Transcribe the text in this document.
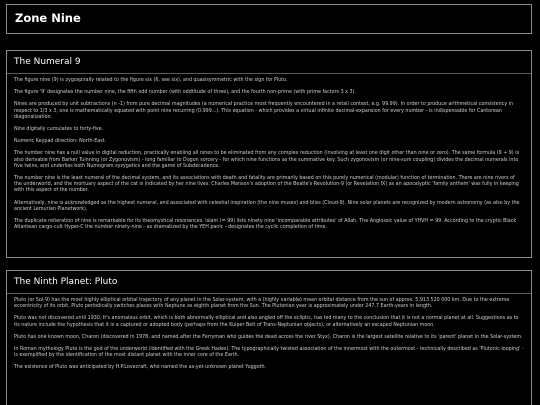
Zone Nine
The Numeral 9

The figure nine (9) is zygospirally related to the figure six (6, see six), and quasisymmetric with the sign for Pluto.

The figure '9' designates the number nine, the fifth odd number (with oddtitude of three), and the fourth non-prime (with prime factors 3 x 3).

Nines are produced by unit subtractions (n -1) from pure decimal magnitudes (a numerical practice most frequently encountered in a retail context, e.g. 99.99). In order to produce arithmetical consistency in respect to 1/3 x 3, one is mathematically equated with point nine recurring (0.999...). This equation - which provides a virtual infinite decimal-expansion for every number - is indispensable for Cantorean diagonalization.

Nine digitally cumulates to forty-five.

Numeric Keypad direction: North-East.

The number nine has a null value in digital reduction, practically enabling all nines to be eliminated from any complex reduction (involving at least one digit other than nine or zero). The same formula (9 + 9) is also derivable from Barker Tuinning (or Zygonovism) - long familiar to Dogon sorcery - for which nine functions as the summative key. Such zygonovism (or nine-sum coupling) divides the decimal numerals into five twins, and underlies both Numogram syzygetics and the game of Subdecadence.

The number nine is the least numeral of the decimal system, and its associations with death and fatality are primarily based on this purely numerical (modular) function of termination. There are nine rivers of the underworld, and the mortuary aspect of the cat is indicated by her nine lives. Charles Manson's adoption of the Beatle's Revolution-9 (or Revelation IX) as an apocalyptic 'family anthem' was fully in keeping with this aspect of the number.

Alternatively, nine is acknowledged as the highest numeral, and associated with celestial inspiration (the nine muses) and bliss (Cloud-9). Nine solar planets are recognized by modern astronomy (as also by the ancient Lemurian Planetwork).

The duplicate reiteration of nine is remarkable for its theomystical resonances. Islam (= 99) lists ninety nine 'incomparable attributes' of Allah. The Anglossic value of YHVH = 99. According to the cryptic Black Atlantean cargo-cult Hyper-C the number ninety-nine - as dramatized by the YEH panic - designates the cyclic completion of time.

The Ninth Planet: Pluto

Pluto (or Sol-9) has the most highly elliptical orbital trajectory of any planet in the Solar-system, with a (highly variable) mean orbital distance from the sun of approx. 5,913 520 000 km. Due to the extreme eccentricity of its orbit, Pluto periodically switches places with Neptune as eighth planet from the Sun. The Plutonian year is approximately under 247.7 Earth-years in length.

Pluto was not discovered until 1930. It's anomalous orbit, which is both abnormally elliptical and also angled off the ecliptic, has led many to the conclusion that it is not a normal planet at all. Suggestions as to its nature include the hypothesis that it is a captured or adopted body (perhaps from the Kuiper Belt of Trans-Neptunian objects), or alternatively an escaped Neptunian moon.

Pluto has one known moon, Charon (discovered in 1978, and named after the Ferryman who guides the dead across the river Styx). Charon is the largest satellite relative to its 'parent' planet in the Solar-system.

In Roman mythology Pluto is the god of the underworld (identified with the Greek Hades). The typographically twisted association of the innermost with the outermost - technically described as 'Plutonic-looping' - is exemplified by the identification of the most distant planet with the inner core of the Earth.

The existence of Pluto was anticipated by H.P.Lovecraft, who named the as-yet-unknown planet Yuggoth.
